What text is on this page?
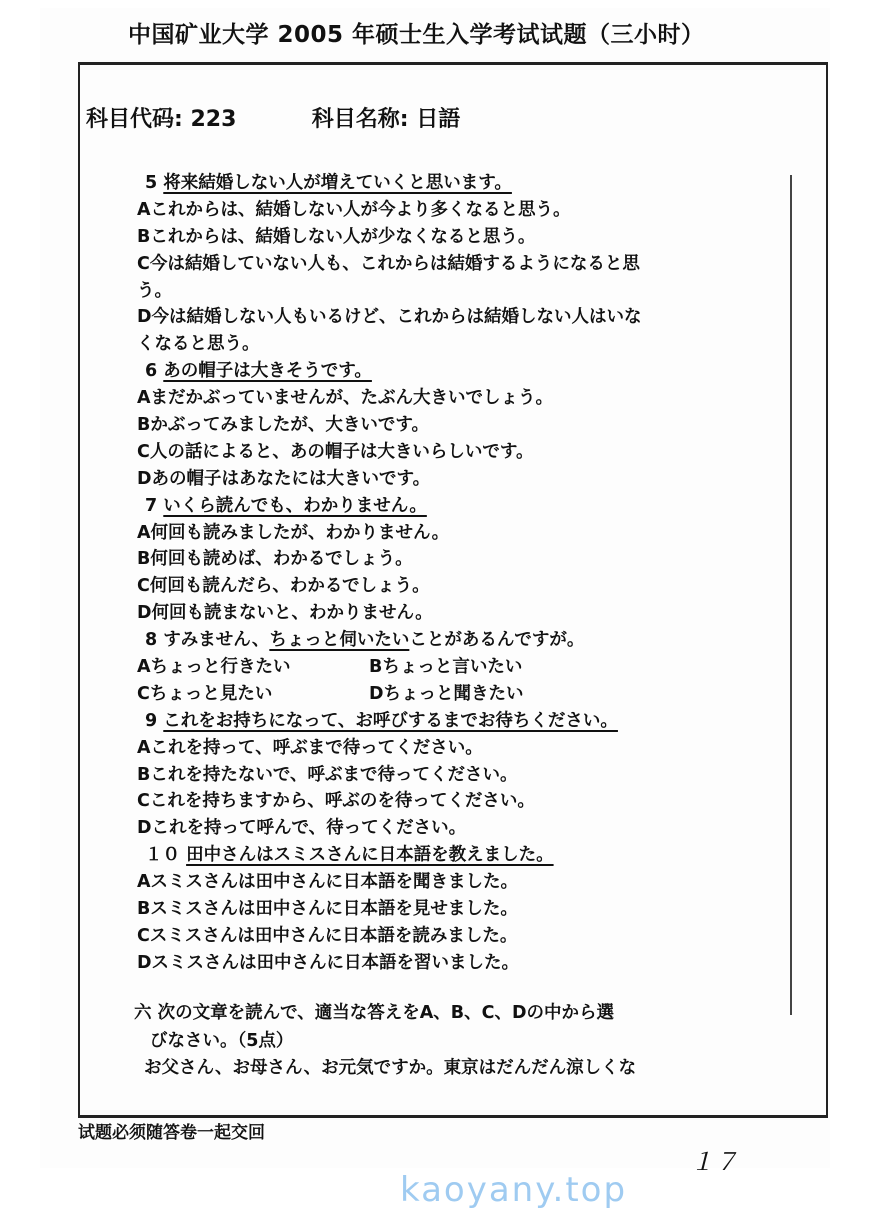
中国矿业大学 2005 年硕士生入学考试试题（三小时）
科目代码: 223	科目名称: 日語
5 将来結婚しない人が増えていくと思います。
Aこれからは、結婚しない人が今より多くなると思う。
Bこれからは、結婚しない人が少なくなると思う。
C今は結婚していない人も、これからは結婚するようになると思
う。
D今は結婚しない人もいるけど、これからは結婚しない人はいな
くなると思う。
6 あの帽子は大きそうです。
Aまだかぶっていませんが、たぶん大きいでしょう。
Bかぶってみましたが、大きいです。
C人の話によると、あの帽子は大きいらしいです。
Dあの帽子はあなたには大きいです。
7 いくら読んでも、わかりません。
A何回も読みましたが、わかりません。
B何回も読めば、わかるでしょう。
C何回も読んだら、わかるでしょう。
D何回も読まないと、わかりません。
8 すみません、ちょっと伺いたいことがあるんですが。
Aちょっと行きたい	Bちょっと言いたい
Cちょっと見たい	Dちょっと聞きたい
9 これをお持ちになって、お呼びするまでお待ちください。
Aこれを持って、呼ぶまで待ってください。
Bこれを持たないで、呼ぶまで待ってください。
Cこれを持ちますから、呼ぶのを待ってください。
Dこれを持って呼んで、待ってください。
１０ 田中さんはスミスさんに日本語を教えました。
Aスミスさんは田中さんに日本語を聞きました。
Bスミスさんは田中さんに日本語を見せました。
Cスミスさんは田中さんに日本語を読みました。
Dスミスさんは田中さんに日本語を習いました。
六 次の文章を読んで、適当な答えをA、B、C、Dの中から選
びなさい。（5点）
お父さん、お母さん、お元気ですか。東京はだんだん涼しくな
试题必须随答卷一起交回
１７
kaoyany.top
